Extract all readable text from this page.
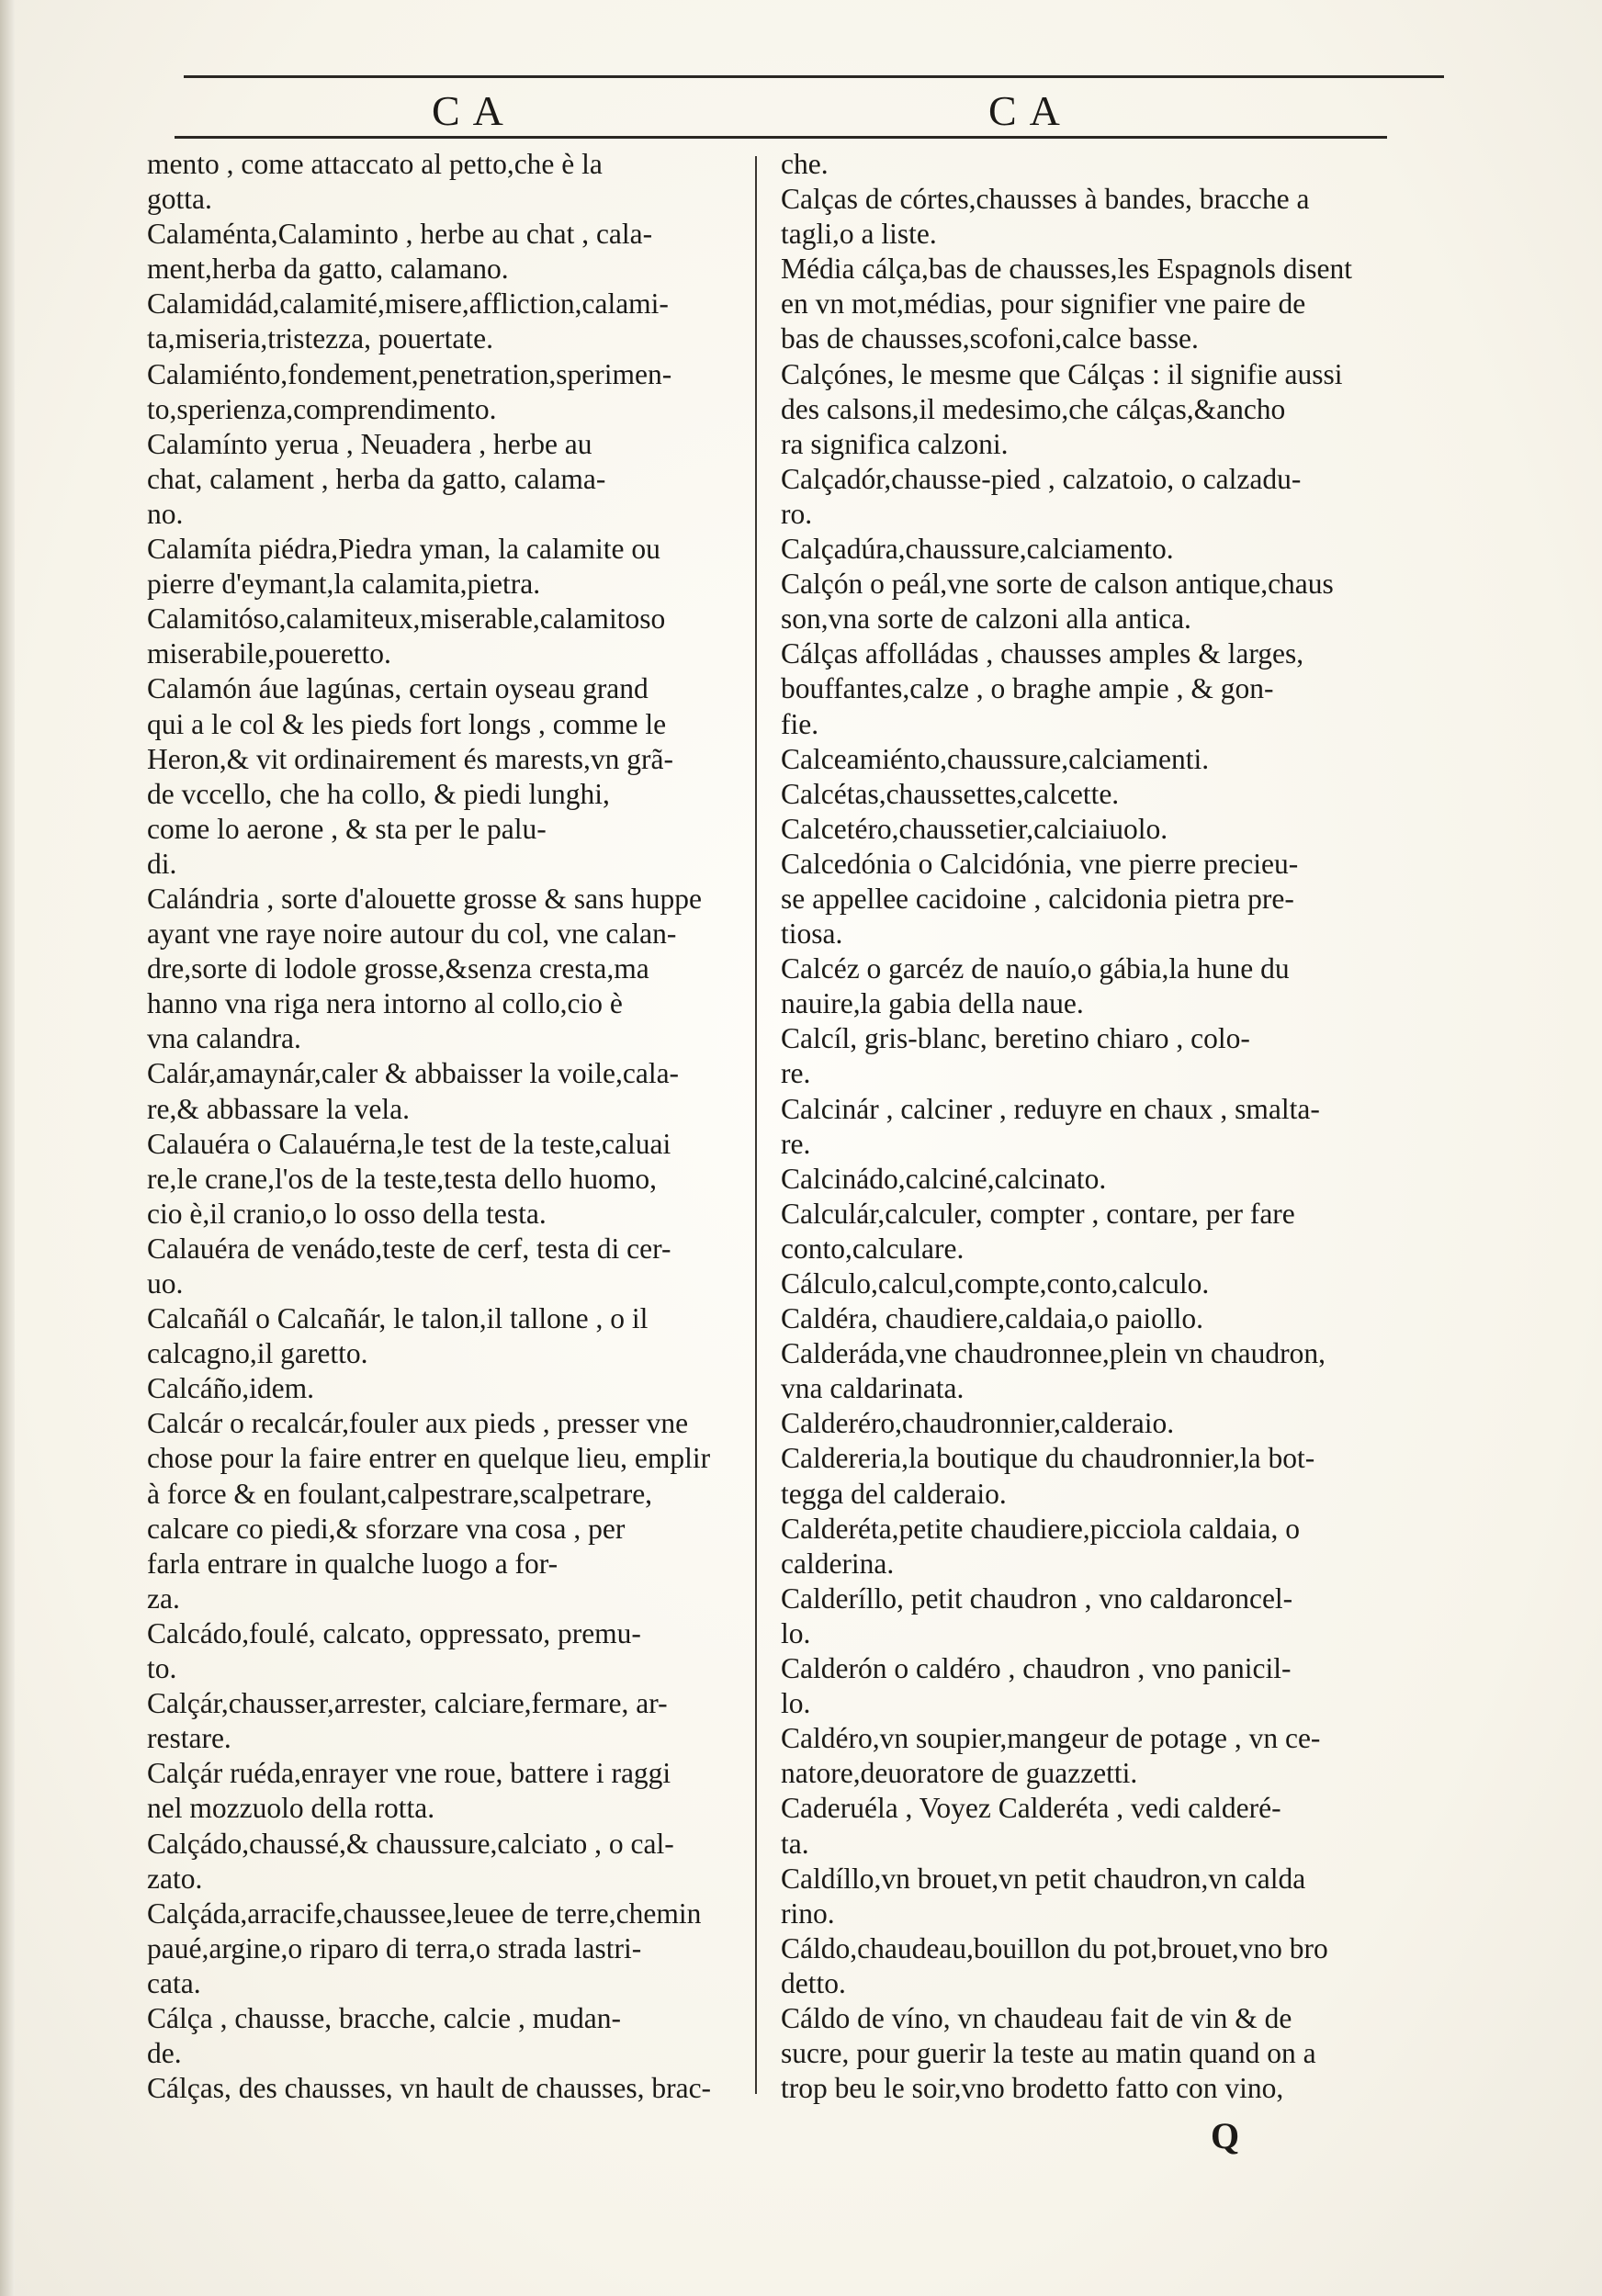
CA	CA
mento , come attaccato al petto,che è la
gotta.
Calaménta,Calaminto , herbe au chat , cala-
ment,herba da gatto, calamano.
Calamidád,calamité,misere,affliction,calami-
ta,miseria,tristezza, pouertate.
Calamiénto,fondement,penetration,sperimen-
to,sperienza,comprendimento.
Calamínto yerua , Neuadera , herbe au
chat, calament , herba da gatto, calama-
no.
Calamíta piédra,Piedra yman, la calamite ou
pierre d'eymant,la calamita,pietra.
Calamitóso,calamiteux,miserable,calamitoso
miserabile,poueretto.
Calamón áue lagúnas, certain oyseau grand
qui a le col & les pieds fort longs , comme le
Heron,& vit ordinairement és marests,vn grã-
de vccello, che ha collo, & piedi lunghi,
come lo aerone , & sta per le palu-
di.
Calándria , sorte d'alouette grosse & sans huppe
ayant vne raye noire autour du col, vne calan-
dre,sorte di lodole grosse,&senza cresta,ma
hanno vna riga nera intorno al collo,cio è
vna calandra.
Calár,amaynár,caler & abbaisser la voile,cala-
re,& abbassare la vela.
Calauéra o Calauérna,le test de la teste,caluai
re,le crane,l'os de la teste,testa dello huomo,
cio è,il cranio,o lo osso della testa.
Calauéra de venádo,teste de cerf, testa di cer-
uo.
Calcañál o Calcañár, le talon,il tallone , o il
calcagno,il garetto.
Calcáño,idem.
Calcár o recalcár,fouler aux pieds , presser vne
chose pour la faire entrer en quelque lieu, emplir
à force & en foulant,calpestrare,scalpetrare,
calcare co piedi,& sforzare vna cosa , per
farla entrare in qualche luogo a for-
za.
Calcádo,foulé, calcato, oppressato, premu-
to.
Calçár,chausser,arrester, calciare,fermare, ar-
restare.
Calçár ruéda,enrayer vne roue, battere i raggi
nel mozzuolo della rotta.
Calçádo,chaussé,& chaussure,calciato , o cal-
zato.
Calçáda,arracife,chaussee,leuee de terre,chemin
paué,argine,o riparo di terra,o strada lastri-
cata.
Cálça , chausse, bracche, calcie , mudan-
de.
Cálças, des chausses, vn hault de chausses, brac-
che.
Calças de córtes,chausses à bandes, bracche a
tagli,o a liste.
Média cálça,bas de chausses,les Espagnols disent
en vn mot,médias, pour signifier vne paire de
bas de chausses,scofoni,calce basse.
Calçónes, le mesme que Cálças : il signifie aussi
des calsons,il medesimo,che cálças,&ancho
ra significa calzoni.
Calçadór,chausse-pied , calzatoio, o calzadu-
ro.
Calçadúra,chaussure,calciamento.
Calçón o peál,vne sorte de calson antique,chaus
son,vna sorte de calzoni alla antica.
Cálças affolládas , chausses amples & larges,
bouffantes,calze , o braghe ampie , & gon-
fie.
Calceamiénto,chaussure,calciamenti.
Calcétas,chaussettes,calcette.
Calcetéro,chaussetier,calciaiuolo.
Calcedónia o Calcidónia, vne pierre precieu-
se appellee cacidoine , calcidonia pietra pre-
tiosa.
Calcéz o garcéz de nauío,o gábia,la hune du
nauire,la gabia della naue.
Calcíl, gris-blanc, beretino chiaro , colo-
re.
Calcinár , calciner , reduyre en chaux , smalta-
re.
Calcinádo,calciné,calcinato.
Calculár,calculer, compter , contare, per fare
conto,calculare.
Cálculo,calcul,compte,conto,calculo.
Caldéra, chaudiere,caldaia,o paiollo.
Calderáda,vne chaudronnee,plein vn chaudron,
vna caldarinata.
Calderéro,chaudronnier,calderaio.
Caldereria,la boutique du chaudronnier,la bot-
tegga del calderaio.
Calderéta,petite chaudiere,picciola caldaia, o
calderina.
Calderíllo, petit chaudron , vno caldaroncel-
lo.
Calderón o caldéro , chaudron , vno panicil-
lo.
Caldéro,vn soupier,mangeur de potage , vn ce-
natore,deuoratore de guazzetti.
Caderuéla , Voyez Calderéta , vedi calderé-
ta.
Caldíllo,vn brouet,vn petit chaudron,vn calda
rino.
Cáldo,chaudeau,bouillon du pot,brouet,vno bro
detto.
Cáldo de víno, vn chaudeau fait de vin & de
sucre, pour guerir la teste au matin quand on a
trop beu le soir,vno brodetto fatto con vino,
Q
